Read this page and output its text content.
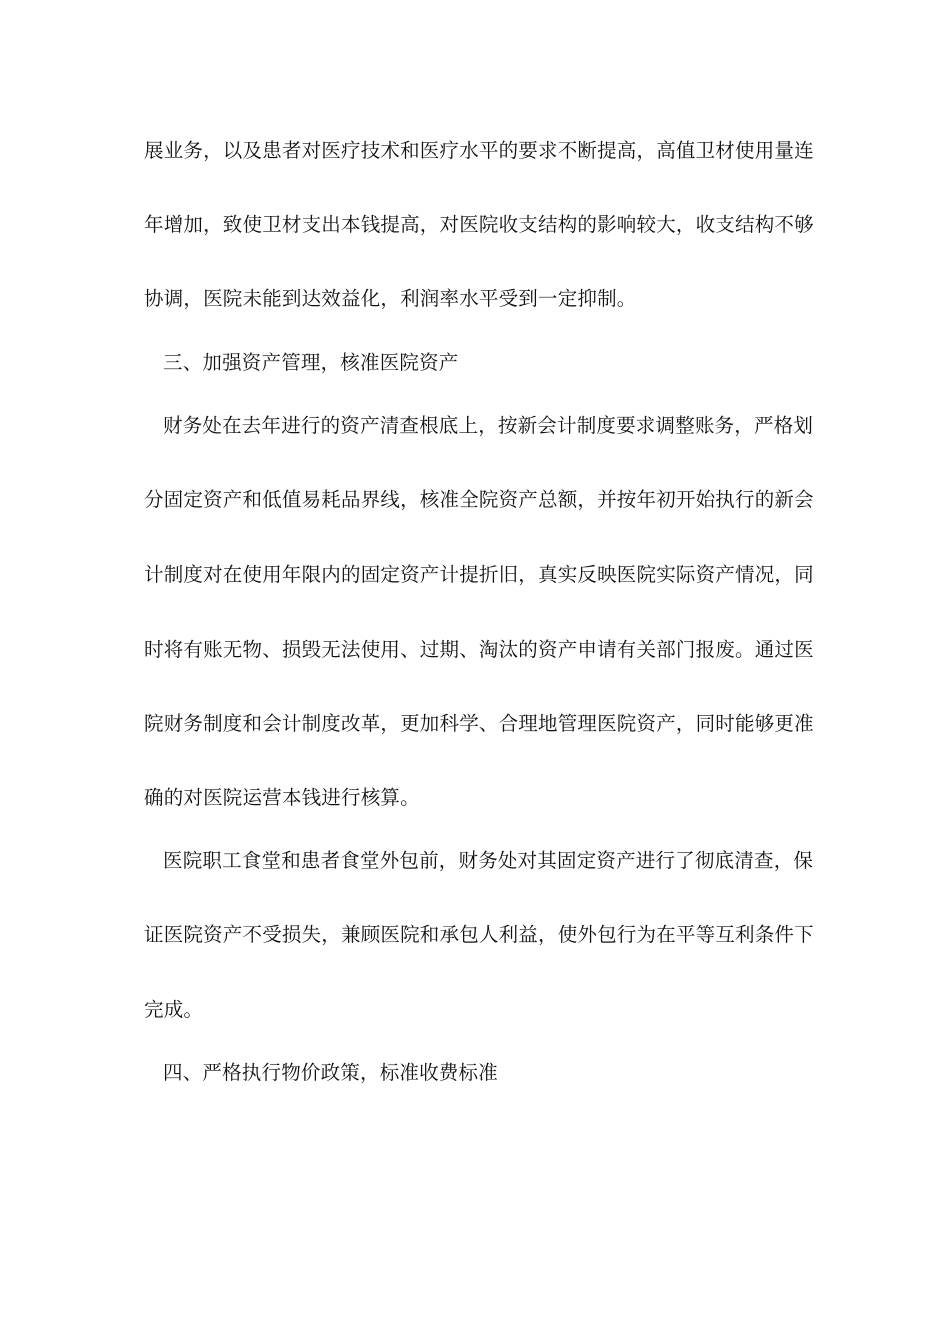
展业务，以及患者对医疗技术和医疗水平的要求不断提高，高值卫材使用量连
年增加，致使卫材支出本钱提高，对医院收支结构的影响较大，收支结构不够
协调，医院未能到达效益化，利润率水平受到一定抑制。
三、加强资产管理，核准医院资产
财务处在去年进行的资产清查根底上，按新会计制度要求调整账务，严格划
分固定资产和低值易耗品界线，核准全院资产总额，并按年初开始执行的新会
计制度对在使用年限内的固定资产计提折旧，真实反映医院实际资产情况，同
时将有账无物、损毁无法使用、过期、淘汰的资产申请有关部门报废。通过医
院财务制度和会计制度改革，更加科学、合理地管理医院资产，同时能够更准
确的对医院运营本钱进行核算。
医院职工食堂和患者食堂外包前，财务处对其固定资产进行了彻底清查，保
证医院资产不受损失，兼顾医院和承包人利益，使外包行为在平等互利条件下
完成。
四、严格执行物价政策，标准收费标准
